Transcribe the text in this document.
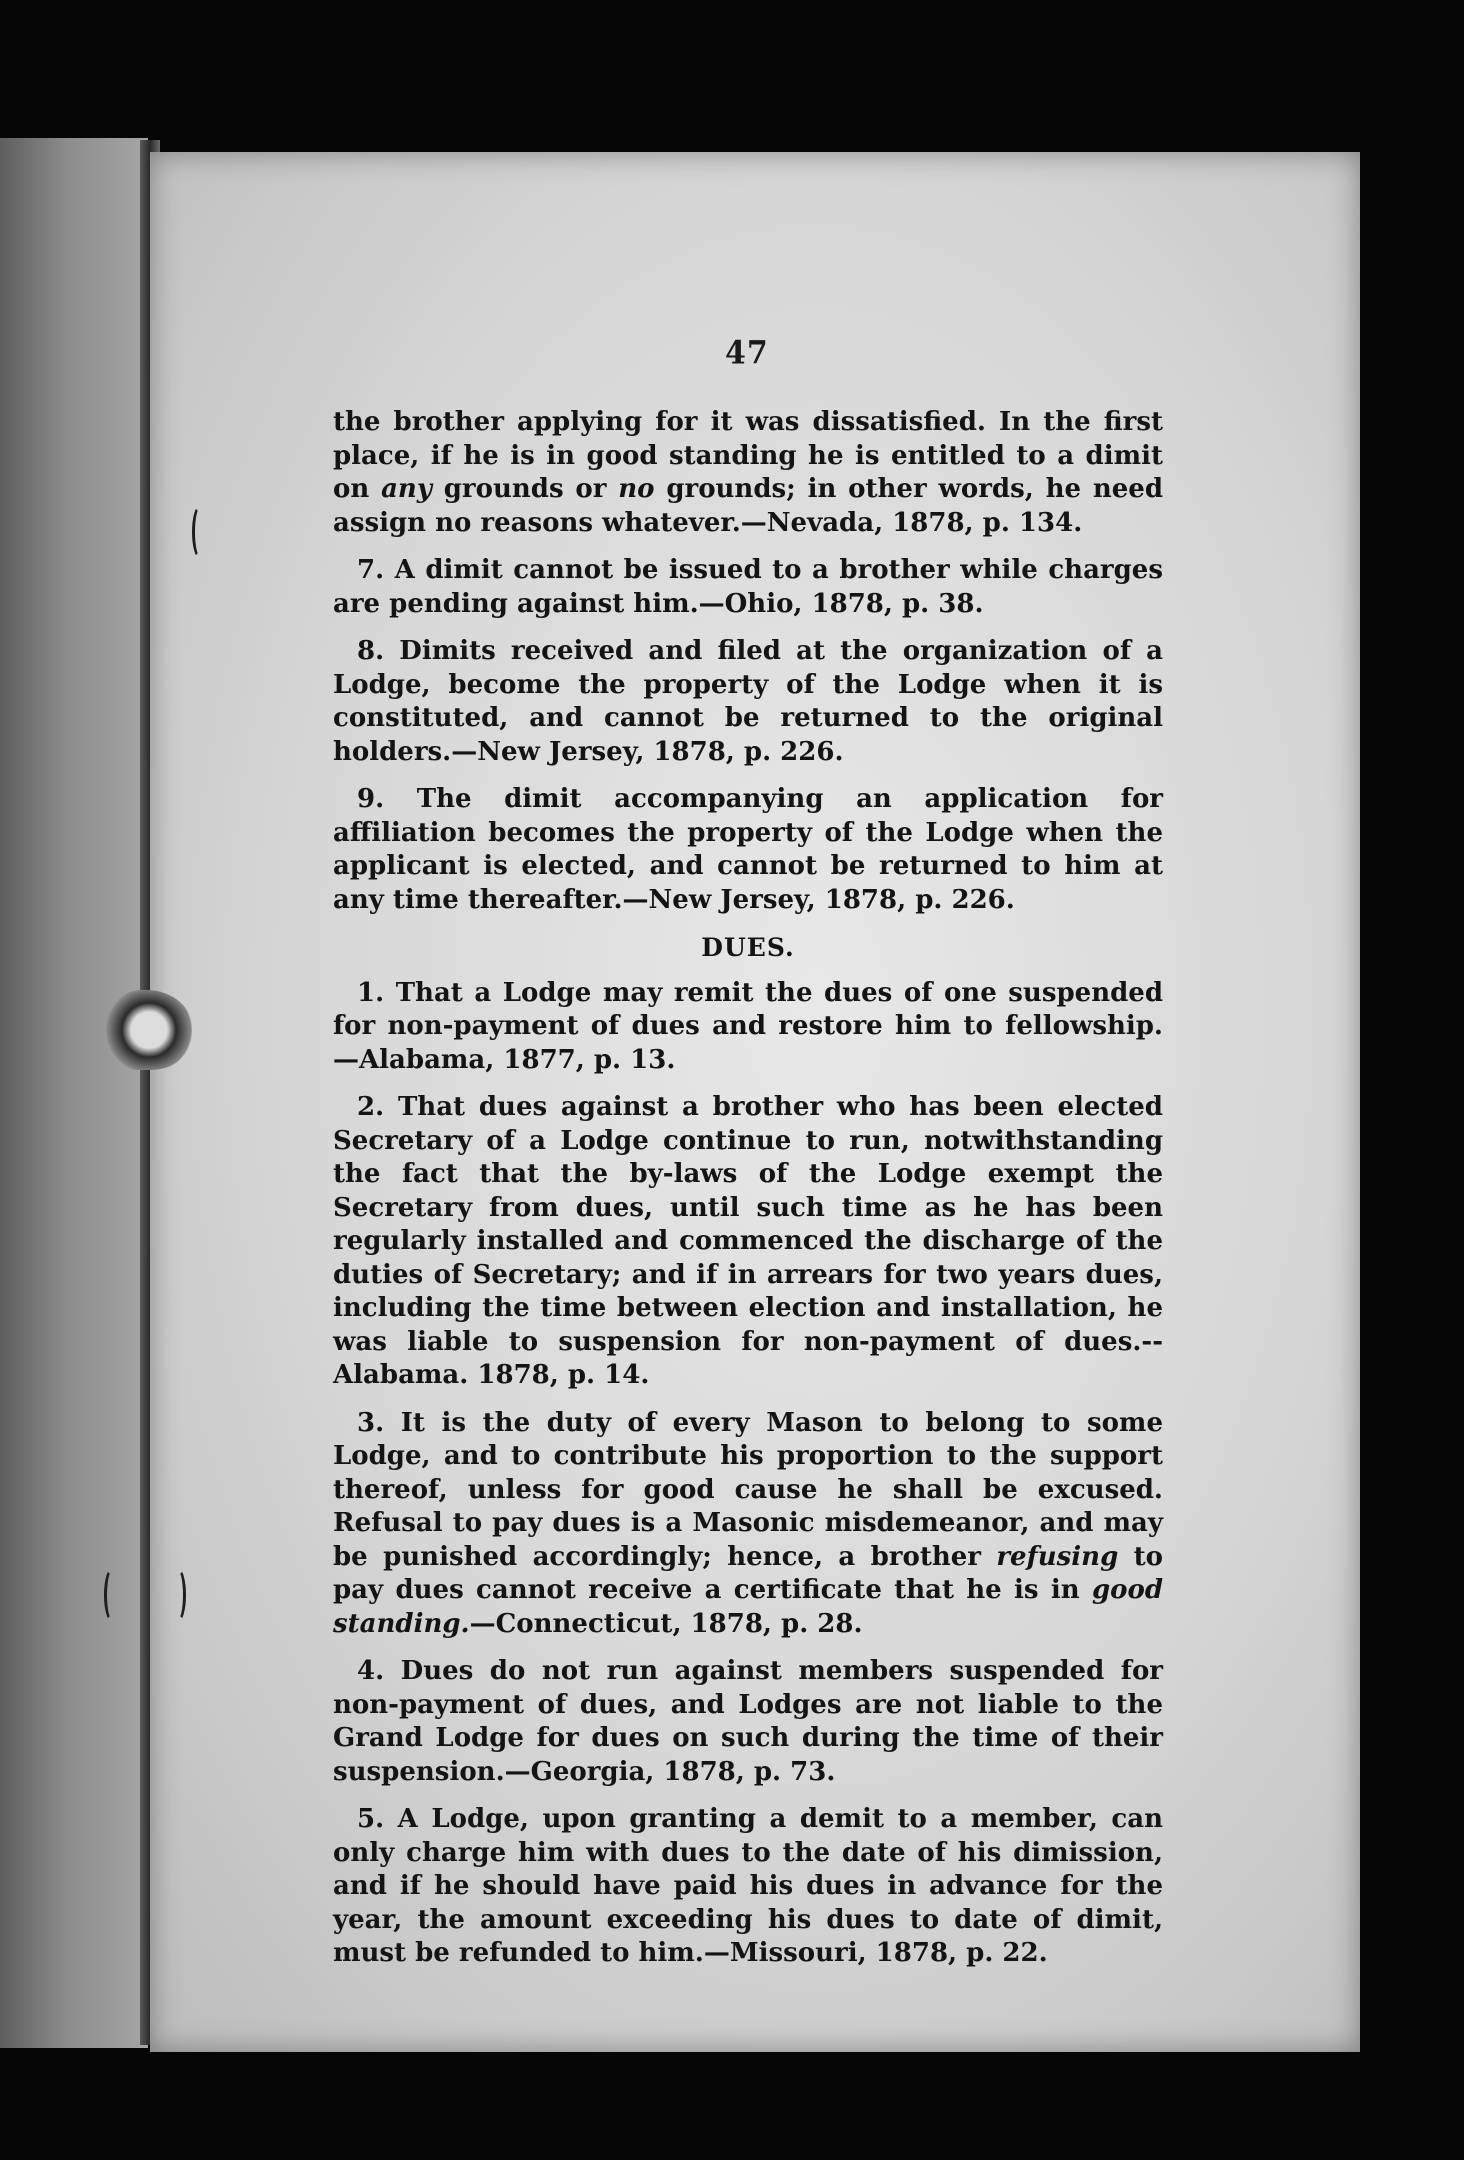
47

the brother applying for it was dissatisfied. In the first place, if he is in good standing he is entitled to a dimit on any grounds or no grounds; in other words, he need assign no reasons whatever.—Nevada, 1878, p. 134.

7. A dimit cannot be issued to a brother while charges are pending against him.—Ohio, 1878, p. 38.

8. Dimits received and filed at the organization of a Lodge, become the property of the Lodge when it is constituted, and cannot be returned to the original holders.—New Jersey, 1878, p. 226.

9. The dimit accompanying an application for affiliation becomes the property of the Lodge when the applicant is elected, and cannot be returned to him at any time thereafter.—New Jersey, 1878, p. 226.

DUES.

1. That a Lodge may remit the dues of one suspended for non-payment of dues and restore him to fellowship.—Alabama, 1877, p. 13.

2. That dues against a brother who has been elected Secretary of a Lodge continue to run, notwithstanding the fact that the by-laws of the Lodge exempt the Secretary from dues, until such time as he has been regularly installed and commenced the discharge of the duties of Secretary; and if in arrears for two years dues, including the time between election and installation, he was liable to suspension for non-payment of dues.--Alabama. 1878, p. 14.

3. It is the duty of every Mason to belong to some Lodge, and to contribute his proportion to the support thereof, unless for good cause he shall be excused. Refusal to pay dues is a Masonic misdemeanor, and may be punished accordingly; hence, a brother refusing to pay dues cannot receive a certificate that he is in good standing.—Connecticut, 1878, p. 28.

4. Dues do not run against members suspended for non-payment of dues, and Lodges are not liable to the Grand Lodge for dues on such during the time of their suspension.—Georgia, 1878, p. 73.

5. A Lodge, upon granting a demit to a member, can only charge him with dues to the date of his dimission, and if he should have paid his dues in advance for the year, the amount exceeding his dues to date of dimit, must be refunded to him.—Missouri, 1878, p. 22.
